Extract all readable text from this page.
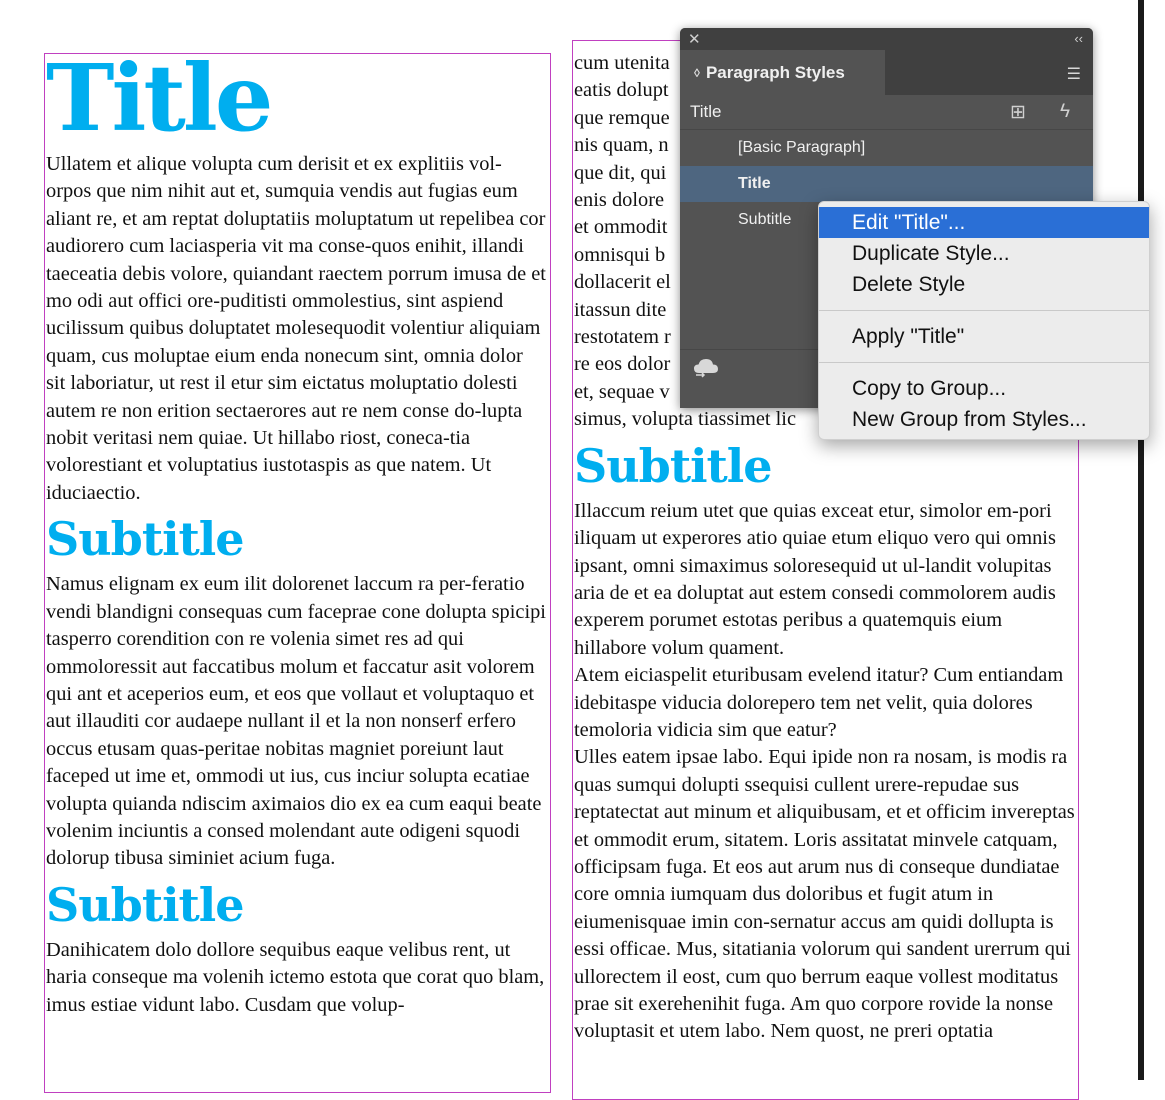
Title

Ullatem et alique volupta cum derisit et ex explitiis vol-orpos que nim nihit aut et, sumquia vendis aut fugias eum aliant re, et am reptat doluptatiis moluptatum ut repelibea cor audiorero cum laciasperia vit ma conse-quos enihit, illandi taeceatia debis volore, quiandant raectem porrum imusa de et mo odi aut offici ore-puditisti ommolestius, sint aspiend ucilissum quibus doluptatet molesequodit volentiur aliquiam quam, cus moluptae eium enda nonecum sint, omnia dolor sit laboriatur, ut rest il etur sim eictatus moluptatio dolesti autem re non erition sectaerores aut re nem conse do-lupta nobit veritasi nem quiae. Ut hillabo riost, coneca-tia volorestiant et voluptatius iustotaspis as que natem. Ut iduciaectio.

Subtitle

Namus elignam ex eum ilit dolorenet laccum ra per-feratio vendi blandigni consequas cum faceprae cone dolupta spicipi tasperro corendition con re volenia simet res ad qui ommoloressit aut faccatibus molum et faccatur asit volorem qui ant et aceperios eum, et eos que vollaut et voluptaquo et aut illauditi cor audaepe nullant il et la non nonserf erfero occus etusam quas-peritae nobitas magniet poreiunt laut faceped ut ime et, ommodi ut ius, cus inciur solupta ecatiae volupta quianda ndiscim aximaios dio ex ea cum eaqui beate volenim inciuntis a consed molendant aute odigeni squodi dolorup tibusa siminiet acium fuga.

Subtitle

Danihicatem dolo dollore sequibus eaque velibus rent, ut haria conseque ma volenih ictemo estota que corat quo blam, imus estiae vidunt labo. Cusdam que volup-

cum utenita

eatis dolupt

que remque

nis quam, n

que dit, qui

enis dolore

et ommodit

omnisqui b

dollacerit el

itassun dite

restotatem r

re eos dolor

et, sequae v

simus, volupta tiassimet lic

Subtitle

Illaccum reium utet que quias exceat etur, simolor em-pori iliquam ut experores atio quiae etum eliquo vero qui omnis ipsant, omni simaximus soloresequid ut ul-landit volupitas aria de et ea doluptat aut estem consedi commolorem audis experem porumet estotas peribus a quatemquis eium hillabore volum quament.

Atem eiciaspelit eturibusam evelend itatur? Cum entiandam idebitaspe viducia dolorepero tem net velit, quia dolores temoloria vidicia sim que eatur?

Ulles eatem ipsae labo. Equi ipide non ra nosam, is modis ra quas sumqui dolupti ssequisi cullent urere-repudae sus reptatectat aut minum et aliquibusam, et et officim invereptas et ommodit erum, sitatem. Loris assitatat minvele catquam, officipsam fuga. Et eos aut arum nus di conseque dundiatae core omnia iumquam dus doloribus et fugit atum in eiumenisquae imin con-sernatur accus am quidi dollupta is essi officae. Mus, sitatiania volorum qui sandent urerrum qui ullorectem il eost, cum quo berrum eaque vollest moditatus prae sit exerehenihit fuga. Am quo corpore rovide la nonse voluptasit et utem labo. Nem quost, ne preri optatia

✕	‹‹
◊ Paragraph Styles	☰
Title	⊞ ϟ
[Basic Paragraph]
Title
Subtitle	Edit "Title"...
Duplicate Style...
Delete Style
Apply "Title"
Copy to Group...
New Group from Styles...
